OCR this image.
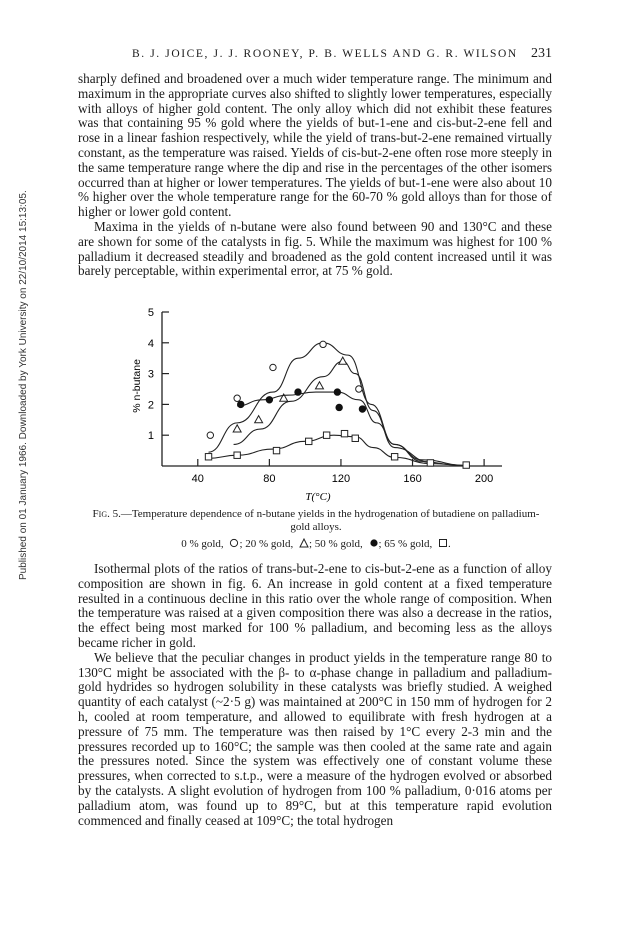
Published on 01 January 1966. Downloaded by York University on 22/10/2014 15:13:05.
B. J. JOICE, J. J. ROONEY, P. B. WELLS AND G. R. WILSON 231

sharply defined and broadened over a much wider temperature range. The minimum and maximum in the appropriate curves also shifted to slightly lower temperatures, especially with alloys of higher gold content. The only alloy which did not exhibit these features was that containing 95 % gold where the yields of but-1-ene and cis-but-2-ene fell and rose in a linear fashion respectively, while the yield of trans-but-2-ene remained virtually constant, as the temperature was raised. Yields of cis-but-2-ene often rose more steeply in the same temperature range where the dip and rise in the percentages of the other isomers occurred than at higher or lower temperatures. The yields of but-1-ene were also about 10 % higher over the whole temperature range for the 60-70 % gold alloys than for those of higher or lower gold content.

Maxima in the yields of n-butane were also found between 90 and 130°C and these are shown for some of the catalysts in fig. 5. While the maximum was highest for 100 % palladium it decreased steadily and broadened as the gold content increased until it was barely perceptable, within experimental error, at 75 % gold.

1
2
3
4
5
40	80	120	160	200
T(°C)
% n-butane
Fig. 5.—Temperature dependence of n-butane yields in the hydrogenation of butadiene on palladium-gold alloys.
0 % gold, ; 20 % gold, ; 50 % gold, ; 65 % gold, .

Isothermal plots of the ratios of trans-but-2-ene to cis-but-2-ene as a function of alloy composition are shown in fig. 6. An increase in gold content at a fixed temperature resulted in a continuous decline in this ratio over the whole range of composition. When the temperature was raised at a given composition there was also a decrease in the ratios, the effect being most marked for 100 % palladium, and becoming less as the alloys became richer in gold.

We believe that the peculiar changes in product yields in the temperature range 80 to 130°C might be associated with the β- to α-phase change in palladium and palladium-gold hydrides so hydrogen solubility in these catalysts was briefly studied. A weighed quantity of each catalyst (~2·5 g) was maintained at 200°C in 150 mm of hydrogen for 2 h, cooled at room temperature, and allowed to equilibrate with fresh hydrogen at a pressure of 75 mm. The temperature was then raised by 1°C every 2-3 min and the pressures recorded up to 160°C; the sample was then cooled at the same rate and again the pressures noted. Since the system was effectively one of constant volume these pressures, when corrected to s.t.p., were a measure of the hydrogen evolved or absorbed by the catalysts. A slight evolution of hydrogen from 100 % palladium, 0·016 atoms per palladium atom, was found up to 89°C, but at this temperature rapid evolution commenced and finally ceased at 109°C; the total hydrogen
